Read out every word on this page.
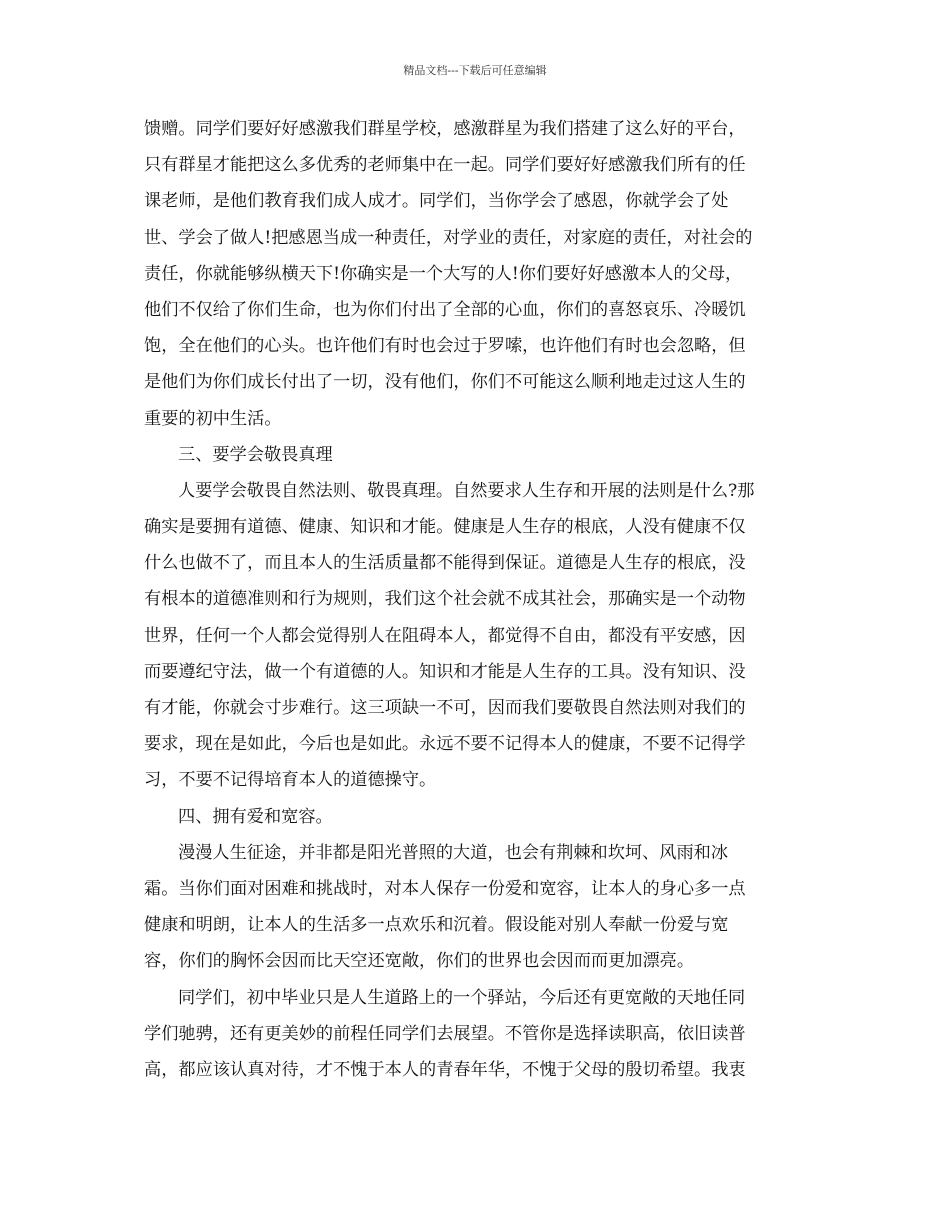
精品文档---下载后可任意编辑
馈赠。同学们要好好感激我们群星学校，感激群星为我们搭建了这么好的平台，
只有群星才能把这么多优秀的老师集中在一起。同学们要好好感激我们所有的任
课老师，是他们教育我们成人成才。同学们，当你学会了感恩，你就学会了处
世、学会了做人!把感恩当成一种责任，对学业的责任，对家庭的责任，对社会的
责任，你就能够纵横天下!你确实是一个大写的人!你们要好好感激本人的父母，
他们不仅给了你们生命，也为你们付出了全部的心血，你们的喜怒哀乐、冷暖饥
饱，全在他们的心头。也许他们有时也会过于罗嗦，也许他们有时也会忽略，但
是他们为你们成长付出了一切，没有他们，你们不可能这么顺利地走过这人生的
重要的初中生活。
三、要学会敬畏真理
人要学会敬畏自然法则、敬畏真理。自然要求人生存和开展的法则是什么?那
确实是要拥有道德、健康、知识和才能。健康是人生存的根底，人没有健康不仅
什么也做不了，而且本人的生活质量都不能得到保证。道德是人生存的根底，没
有根本的道德准则和行为规则，我们这个社会就不成其社会，那确实是一个动物
世界，任何一个人都会觉得别人在阻碍本人，都觉得不自由，都没有平安感，因
而要遵纪守法，做一个有道德的人。知识和才能是人生存的工具。没有知识、没
有才能，你就会寸步难行。这三项缺一不可，因而我们要敬畏自然法则对我们的
要求，现在是如此，今后也是如此。永远不要不记得本人的健康，不要不记得学
习，不要不记得培育本人的道德操守。
四、拥有爱和宽容。
漫漫人生征途，并非都是阳光普照的大道，也会有荆棘和坎坷、风雨和冰
霜。当你们面对困难和挑战时，对本人保存一份爱和宽容，让本人的身心多一点
健康和明朗，让本人的生活多一点欢乐和沉着。假设能对别人奉献一份爱与宽
容，你们的胸怀会因而比天空还宽敞，你们的世界也会因而而更加漂亮。
同学们，初中毕业只是人生道路上的一个驿站，今后还有更宽敞的天地任同
学们驰骋，还有更美妙的前程任同学们去展望。不管你是选择读职高，依旧读普
高，都应该认真对待，才不愧于本人的青春年华，不愧于父母的殷切希望。我衷
